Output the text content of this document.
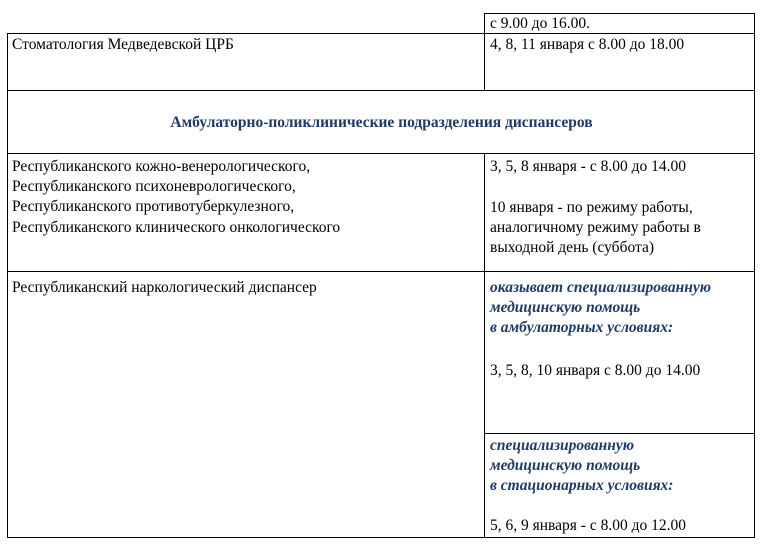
с 9.00 до 16.00.
Стоматология Медведевской ЦРБ	4, 8, 11 января с 8.00 до 18.00
Амбулаторно-поликлинические подразделения диспансеров
Республиканского кожно-венерологического,
Республиканского психоневрологического,
Республиканского противотуберкулезного,
Республиканского клинического онкологического
3, 5, 8 января - с 8.00 до 14.00
10 января - по режиму работы,
аналогичному режиму работы в
выходной день (суббота)
Республиканский наркологический диспансер	оказывает специализированную
медицинскую помощь
в амбулаторных условиях:
3, 5, 8, 10 января с 8.00 до 14.00
специализированную
медицинскую помощь
в стационарных условиях:
5, 6, 9 января - с 8.00 до 12.00
